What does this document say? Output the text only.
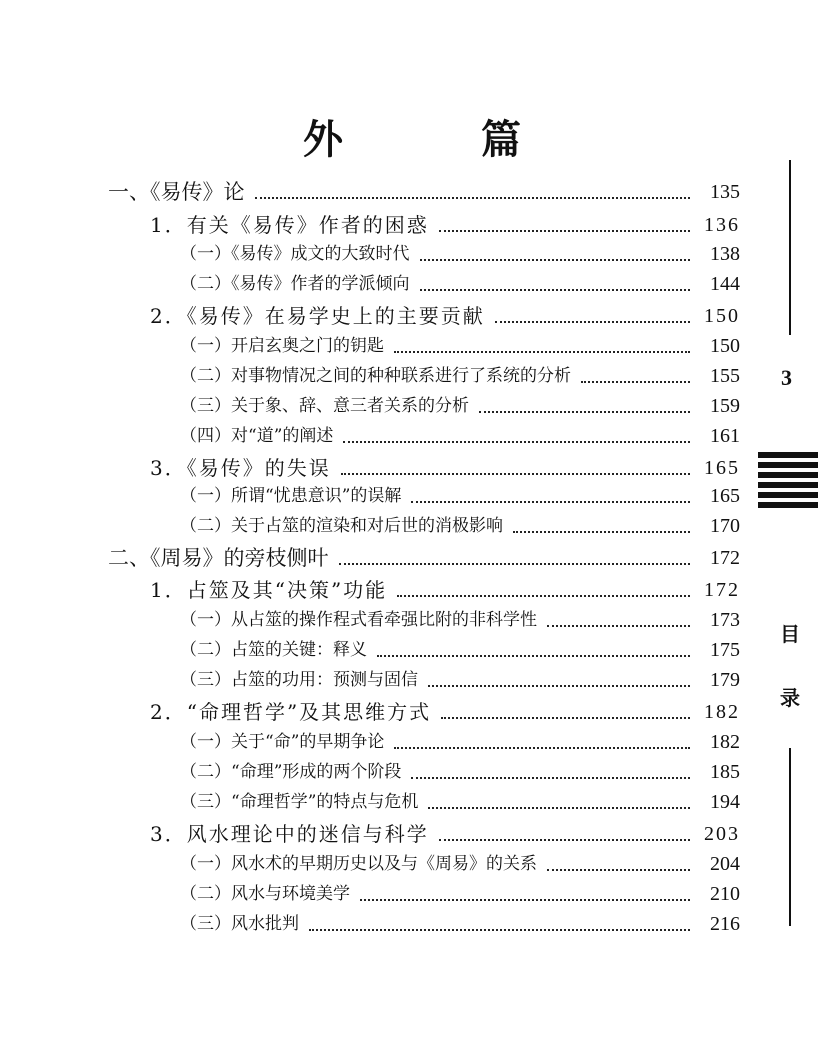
外 篇
一、《易传》论	135
1．有关《易传》作者的困惑	136
（一）《易传》成文的大致时代	138
（二）《易传》作者的学派倾向	144
2．《易传》在易学史上的主要贡献	150
（一）开启玄奥之门的钥匙	150
（二）对事物情况之间的种种联系进行了系统的分析	155
（三）关于象、辞、意三者关系的分析	159
（四）对“道”的阐述	161
3．《易传》的失误	165
（一）所谓“忧患意识”的误解	165
（二）关于占筮的渲染和对后世的消极影响	170
二、《周易》的旁枝侧叶	172
1．占筮及其“决策”功能	172
（一）从占筮的操作程式看牵强比附的非科学性	173
（二）占筮的关键：释义	175
（三）占筮的功用：预测与固信	179
2．“命理哲学”及其思维方式	182
（一）关于“命”的早期争论	182
（二）“命理”形成的两个阶段	185
（三）“命理哲学”的特点与危机	194
3．风水理论中的迷信与科学	203
（一）风水术的早期历史以及与《周易》的关系	204
（二）风水与环境美学	210
（三）风水批判	216
3
目
录
